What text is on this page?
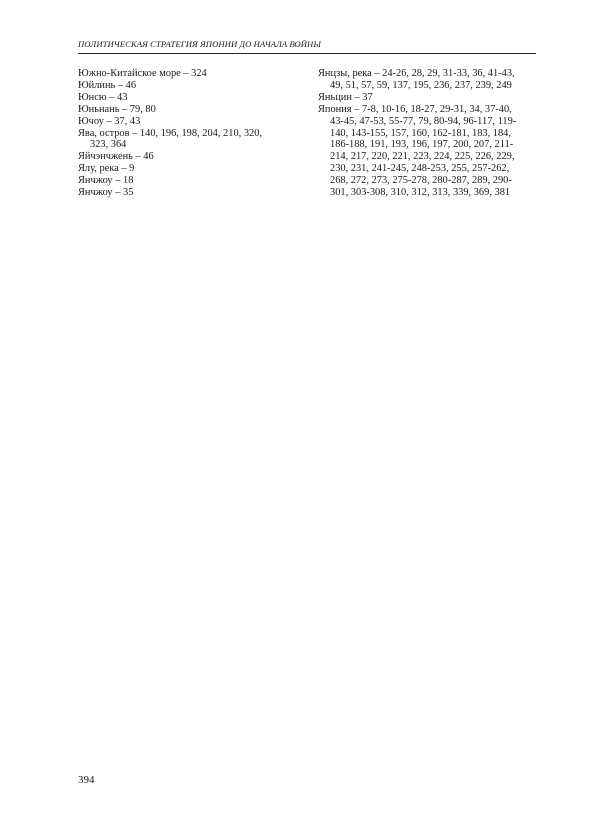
ПОЛИТИЧЕСКАЯ СТРАТЕГИЯ ЯПОНИИ ДО НАЧАЛА ВОЙНЫ

Южно-Китайское море – 324

Юйлинь – 46

Юнсю – 43

Юньнань – 79, 80

Ючоу – 37, 43

Ява, остров – 140, 196, 198, 204, 210, 320,
323, 364

Яйчэнчжень – 46

Ялу, река – 9

Янчжоу – 18

Янчжоу – 35

Янцзы, река – 24-26, 28, 29, 31-33, 36, 41-43,
49, 51, 57, 59, 137, 195, 236, 237, 239, 249

Яньцин – 37

Япония – 7-8, 10-16, 18-27, 29-31, 34, 37-40,
43-45, 47-53, 55-77, 79, 80-94, 96-117, 119-
140, 143-155, 157, 160, 162-181, 183, 184,
186-188, 191, 193, 196, 197, 200, 207, 211-
214, 217, 220, 221, 223, 224, 225, 226, 229,
230, 231, 241-245, 248-253, 255, 257-262,
268, 272, 273, 275-278, 280-287, 289, 290-
301, 303-308, 310, 312, 313, 339, 369, 381

394
